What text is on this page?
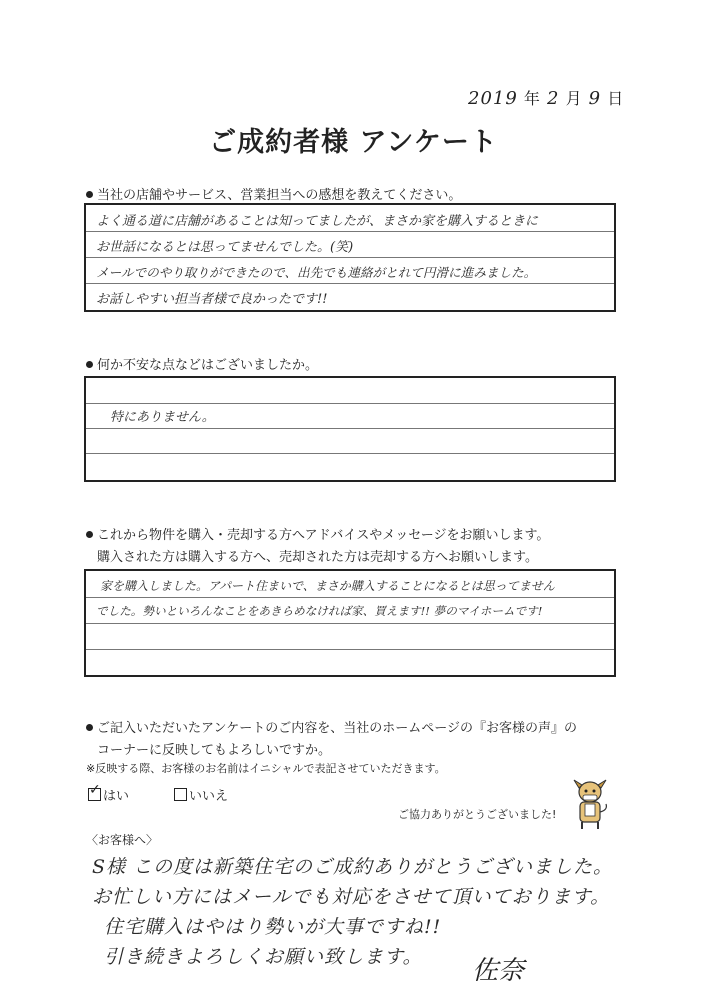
2019 年 2 月 9 日
ご成約者様 アンケート
当社の店舗やサービス、営業担当への感想を教えてください。
よく通る道に店舗があることは知ってましたが、まさか家を購入するときに
お世話になるとは思ってませんでした。(笑)
メールでのやり取りができたので、出先でも連絡がとれて円滑に進みました。
お話しやすい担当者様で良かったです!!
何か不安な点などはございましたか。
特にありません。
これから物件を購入・売却する方へアドバイスやメッセージをお願いします。
購入された方は購入する方へ、売却された方は売却する方へお願いします。
家を購入しました。アパート住まいで、まさか購入することになるとは思ってません
でした。勢いといろんなことをあきらめなければ家、買えます!! 夢のマイホームです!
ご記入いただいたアンケートのご内容を、当社のホームページの『お客様の声』の
コーナーに反映してもよろしいですか。
※反映する際、お客様のお名前はイニシャルで表記させていただきます。
✓ はい	いいえ
ご協力ありがとうございました!
〈お客様へ〉
S様 この度は新築住宅のご成約ありがとうございました。
お忙しい方にはメールでも対応をさせて頂いております。
住宅購入はやはり勢いが大事ですね!!
引き続きよろしくお願い致します。 佐奈
